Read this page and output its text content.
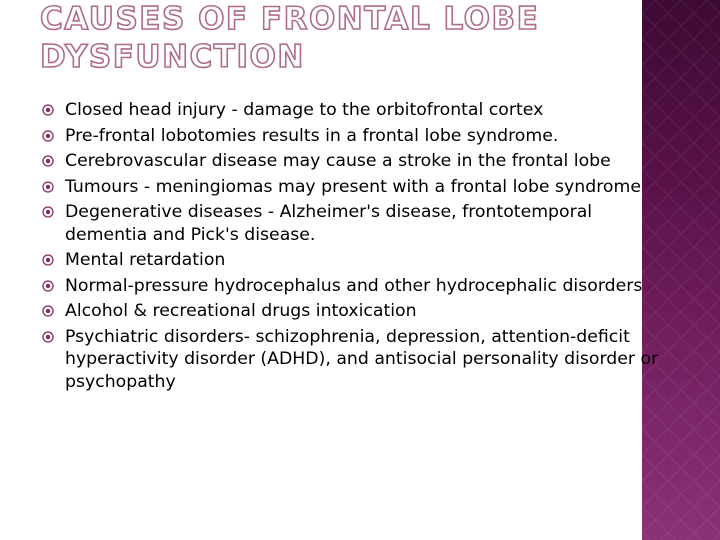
CAUSES OF FRONTAL LOBE DYSFUNCTION
Closed head injury - damage to the orbitofrontal cortex
Pre-frontal lobotomies results in a frontal lobe syndrome.
Cerebrovascular disease may cause a stroke in the frontal lobe
Tumours - meningiomas may present with a frontal lobe syndrome
Degenerative diseases - Alzheimer's disease, frontotemporal dementia and Pick's disease.
Mental retardation
Normal-pressure hydrocephalus and other hydrocephalic disorders
Alcohol & recreational drugs intoxication
Psychiatric disorders- schizophrenia, depression, attention-deficit hyperactivity disorder (ADHD), and antisocial personality disorder or psychopathy
